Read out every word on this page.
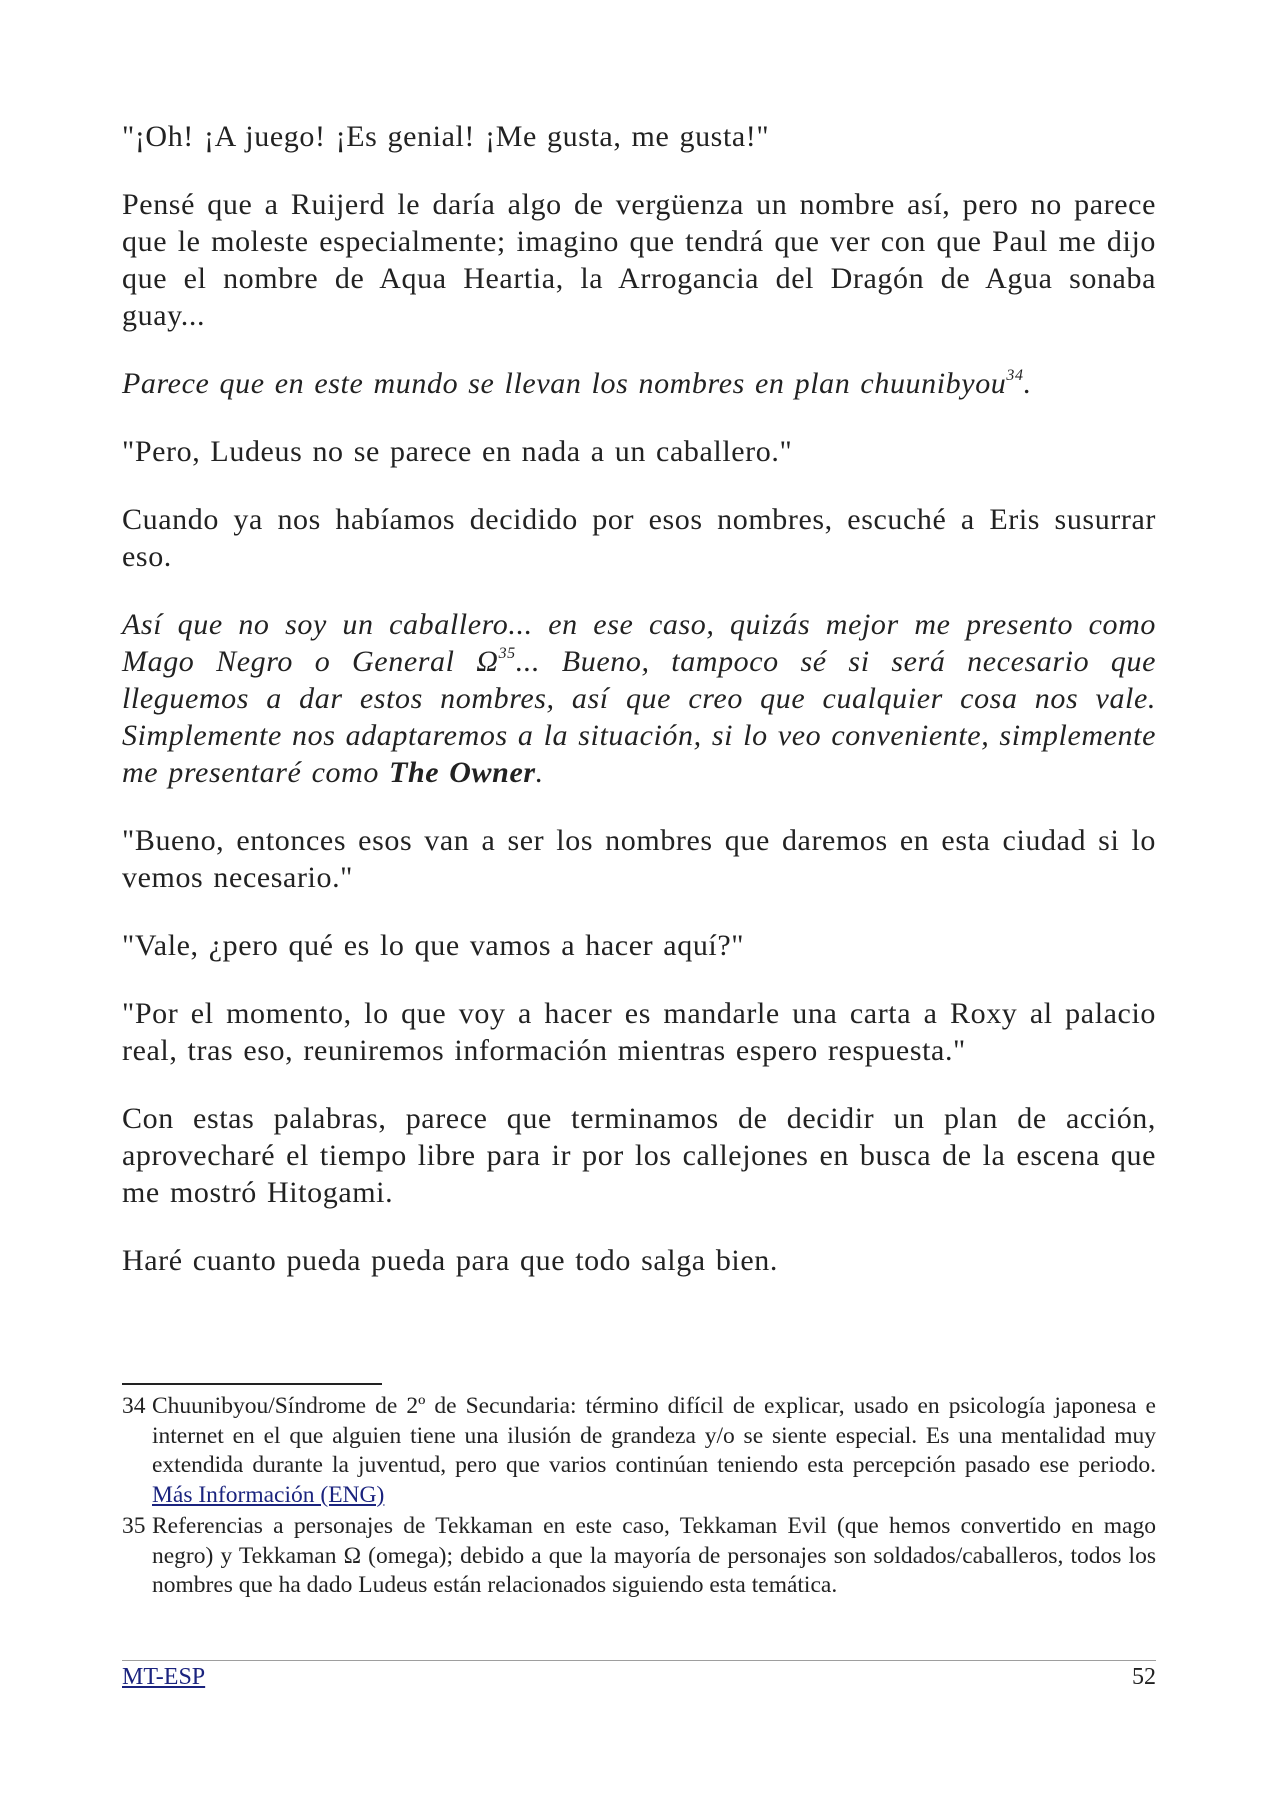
"¡Oh! ¡A juego! ¡Es genial! ¡Me gusta, me gusta!"

Pensé que a Ruijerd le daría algo de vergüenza un nombre así, pero no parece que le moleste especialmente; imagino que tendrá que ver con que Paul me dijo que el nombre de Aqua Heartia, la Arrogancia del Dragón de Agua sonaba guay...

Parece que en este mundo se llevan los nombres en plan chuunibyou$^{34}$.

"Pero, Ludeus no se parece en nada a un caballero."

Cuando ya nos habíamos decidido por esos nombres, escuché a Eris susurrar eso.

Así que no soy un caballero... en ese caso, quizás mejor me presento como Mago Negro o General $\Omega^{35}$... Bueno, tampoco sé si será necesario que lleguemos a dar estos nombres, así que creo que cualquier cosa nos vale. Simplemente nos adaptaremos a la situación, si lo veo conveniente, simplemente me presentaré como The Owner.

"Bueno, entonces esos van a ser los nombres que daremos en esta ciudad si lo vemos necesario."

"Vale, ¿pero qué es lo que vamos a hacer aquí?"

"Por el momento, lo que voy a hacer es mandarle una carta a Roxy al palacio real, tras eso, reuniremos información mientras espero respuesta."

Con estas palabras, parece que terminamos de decidir un plan de acción, aprovecharé el tiempo libre para ir por los callejones en busca de la escena que me mostró Hitogami.

Haré cuanto pueda pueda para que todo salga bien.

34 Chuunibyou/Síndrome de 2º de Secundaria: término difícil de explicar, usado en psicología japonesa e internet en el que alguien tiene una ilusión de grandeza y/o se siente especial. Es una mentalidad muy extendida durante la juventud, pero que varios continúan teniendo esta percepción pasado ese periodo. Más Información (ENG)
35 Referencias a personajes de Tekkaman en este caso, Tekkaman Evil (que hemos convertido en mago negro) y Tekkaman Ω (omega); debido a que la mayoría de personajes son soldados/caballeros, todos los nombres que ha dado Ludeus están relacionados siguiendo esta temática.
MT-ESP	52
